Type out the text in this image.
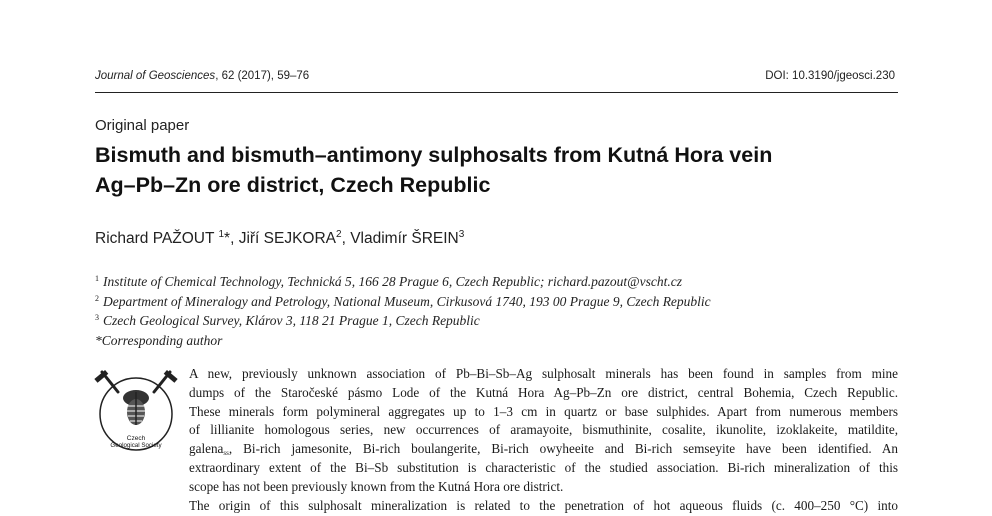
Journal of Geosciences, 62 (2017), 59–76	DOI: 10.3190/jgeosci.230
Original paper
Bismuth and bismuth–antimony sulphosalts from Kutná Hora vein
Ag–Pb–Zn ore district, Czech Republic
Richard PAŽOUT $^1$*, Jiří SEJKORA$^2$, Vladimír ŠREIN$^3$
$^1$ Institute of Chemical Technology, Technická 5, 166 28 Prague 6, Czech Republic; richard.pazout@vscht.cz
$^2$ Department of Mineralogy and Petrology, National Museum, Cirkusová 1740, 193 00 Prague 9, Czech Republic
$^3$ Czech Geological Survey, Klárov 3, 118 21 Prague 1, Czech Republic
*Corresponding author
Czech
Geological Society
A new, previously unknown association of Pb–Bi–Sb–Ag sulphosalt minerals has been found in samples from mine
dumps of the Staročeské pásmo Lode of the Kutná Hora Ag–Pb–Zn ore district, central Bohemia, Czech Republic.
These minerals form polymineral aggregates up to 1–3 cm in quartz or base sulphides. Apart from numerous members
of lillianite homologous series, new occurrences of aramayoite, bismuthinite, cosalite, ikunolite, izoklakeite, matildite,
galena$_{ss}$, Bi-rich jamesonite, Bi-rich boulangerite, Bi-rich owyheeite and Bi-rich semseyite have been identified. An
extraordinary extent of the Bi–Sb substitution is characteristic of the studied association. Bi-rich mineralization of this
scope has not been previously known from the Kutná Hora ore district.
The origin of this sulphosalt mineralization is related to the penetration of hot aqueous fluids (c. 400–250 °C) into
